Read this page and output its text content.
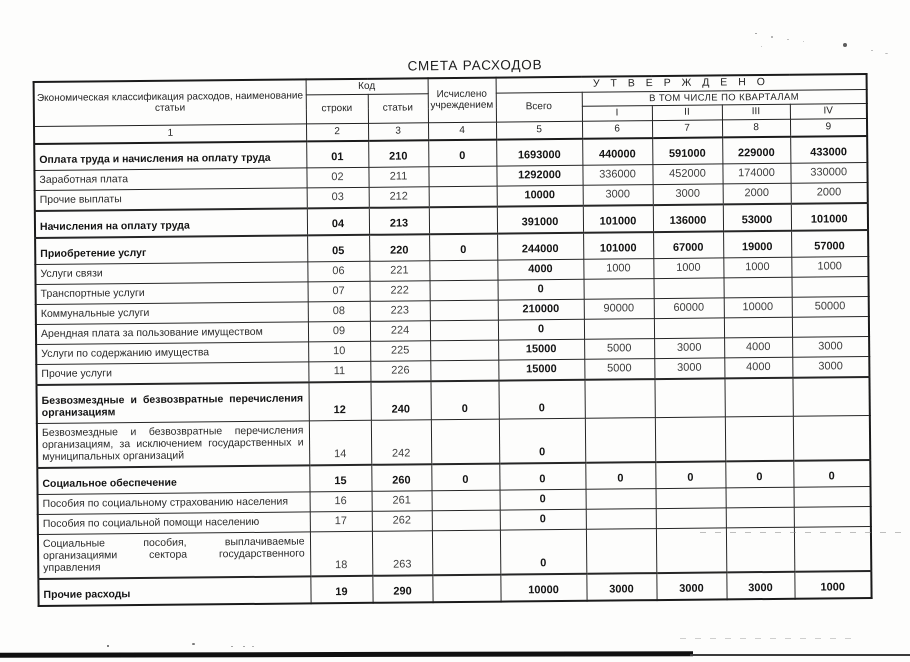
СМЕТА РАСХОДОВ
Экономическая классификация расходов, наименование статьи	Код		Исчислено учреждением	У Т В Е Р Ж Д Е Н О				
	строки	статьи		Всего	В ТОМ ЧИСЛЕ ПО КВАРТАЛАМ			
					I	II	III	IV
1	2	3	4	5	6	7	8	9
Оплата труда и начисления на оплату труда	01	210	0	1693000	440000	591000	229000	433000
Заработная плата	02	211		1292000	336000	452000	174000	330000
Прочие выплаты	03	212		10000	3000	3000	2000	2000
Начисления на оплату труда	04	213		391000	101000	136000	53000	101000
Приобретение услуг	05	220	0	244000	101000	67000	19000	57000
Услуги связи	06	221		4000	1000	1000	1000	1000
Транспортные услуги	07	222		0				
Коммунальные услуги	08	223		210000	90000	60000	10000	50000
Арендная плата за пользование имуществом	09	224		0				
Услуги по содержанию имущества	10	225		15000	5000	3000	4000	3000
Прочие услуги	11	226		15000	5000	3000	4000	3000
Безвозмездные и безвозвратные перечисления организациям	12	240	0	0				
Безвозмездные и безвозвратные перечисления организациям, за исключением государственных и муниципальных организаций	14	242		0				
Социальное обеспечение	15	260	0	0	0	0	0	0
Пособия по социальному страхованию населения	16	261		0				
Пособия по социальной помощи населению	17	262		0				
Социальные пособия, выплачиваемые организациями сектора государственного управления	18	263		0				
Прочие расходы	19	290		10000	3000	3000	3000	1000
